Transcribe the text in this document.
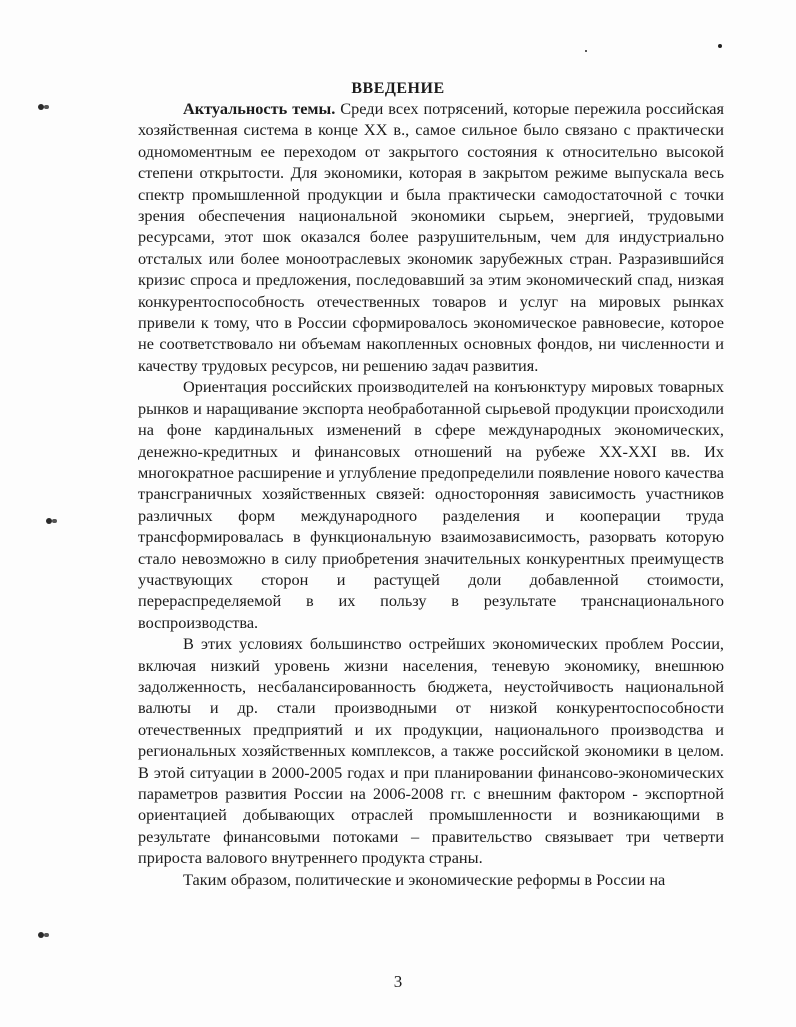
ВВЕДЕНИЕ

Актуальность темы. Среди всех потрясений, которые пережила российская хозяйственная система в конце XX в., самое сильное было связано с практически одномоментным ее переходом от закрытого состояния к относительно высокой степени открытости. Для экономики, которая в закрытом режиме выпускала весь спектр промышленной продукции и была практически самодостаточной с точки зрения обеспечения национальной экономики сырьем, энергией, трудовыми ресурсами, этот шок оказался более разрушительным, чем для индустриально отсталых или более моноотраслевых экономик зарубежных стран. Разразившийся кризис спроса и предложения, последовавший за этим экономический спад, низкая конкурентоспособность отечественных товаров и услуг на мировых рынках привели к тому, что в России сформировалось экономическое равновесие, которое не соответствовало ни объемам накопленных основных фондов, ни численности и качеству трудовых ресурсов, ни решению задач развития.

Ориентация российских производителей на конъюнктуру мировых товарных рынков и наращивание экспорта необработанной сырьевой продукции происходили на фоне кардинальных изменений в сфере международных экономических, денежно-кредитных и финансовых отношений на рубеже XX-XXI вв. Их многократное расширение и углубление предопределили появление нового качества трансграничных хозяйственных связей: односторонняя зависимость участников различных форм международного разделения и кооперации труда трансформировалась в функциональную взаимозависимость, разорвать которую стало невозможно в силу приобретения значительных конкурентных преимуществ участвующих сторон и растущей доли добавленной стоимости, перераспределяемой в их пользу в результате транснационального воспроизводства.

В этих условиях большинство острейших экономических проблем России, включая низкий уровень жизни населения, теневую экономику, внешнюю задолженность, несбалансированность бюджета, неустойчивость национальной валюты и др. стали производными от низкой конкурентоспособности отечественных предприятий и их продукции, национального производства и региональных хозяйственных комплексов, а также российской экономики в целом. В этой ситуации в 2000-2005 годах и при планировании финансово-экономических параметров развития России на 2006-2008 гг. с внешним фактором - экспортной ориентацией добывающих отраслей промышленности и возникающими в результате финансовыми потоками – правительство связывает три четверти прироста валового внутреннего продукта страны.

Таким образом, политические и экономические реформы в России на

3
